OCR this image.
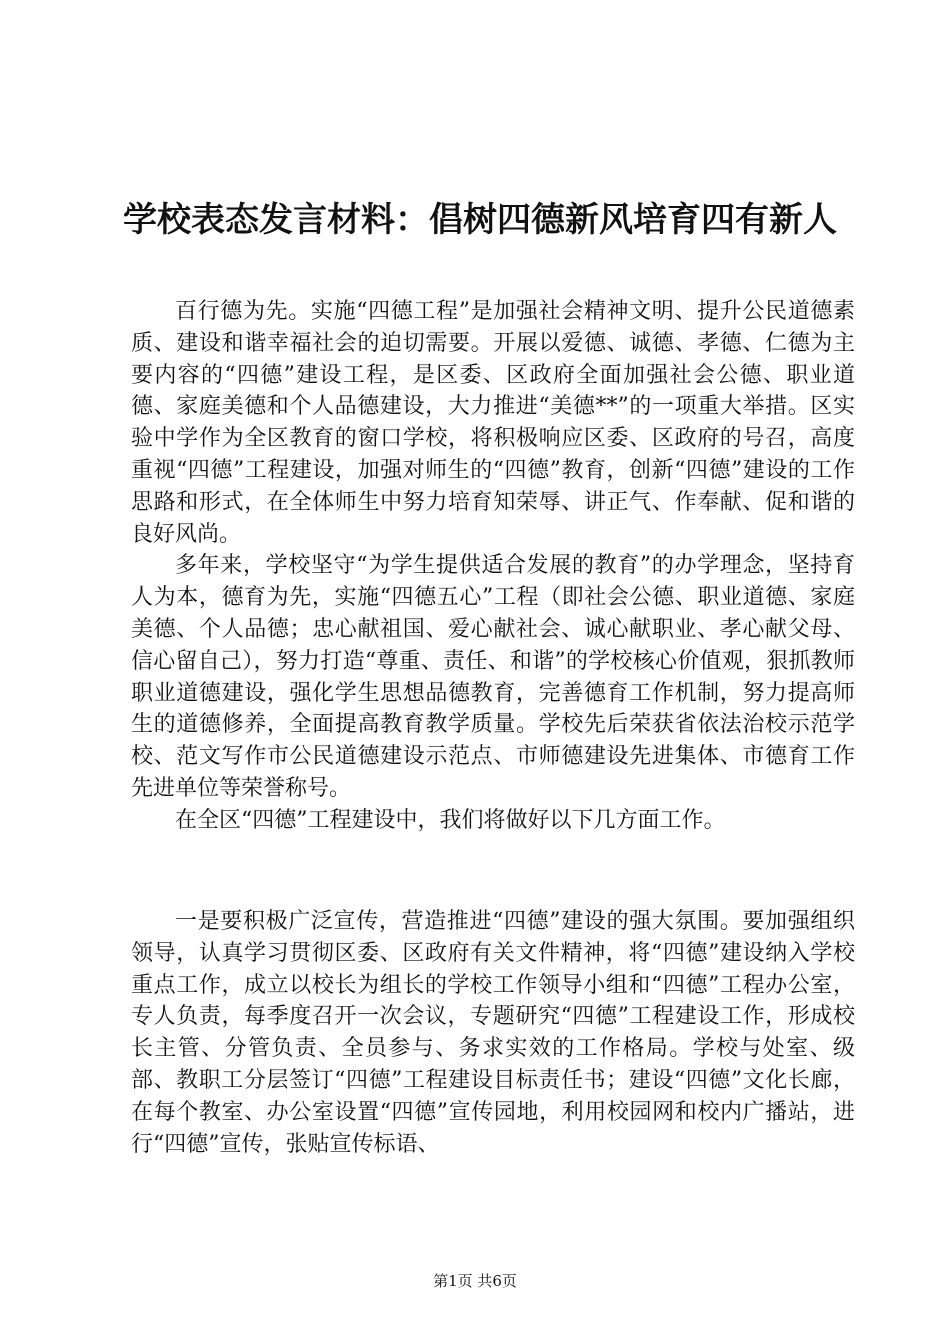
学校表态发言材料：倡树四德新风培育四有新人

百行德为先。实施“四德工程”是加强社会精神文明、提升公民道德素质、建设和谐幸福社会的迫切需要。开展以爱德、诚德、孝德、仁德为主要内容的“四德”建设工程，是区委、区政府全面加强社会公德、职业道德、家庭美德和个人品德建设，大力推进“美德**”的一项重大举措。区实验中学作为全区教育的窗口学校，将积极响应区委、区政府的号召，高度重视“四德”工程建设，加强对师生的“四德”教育，创新“四德”建设的工作思路和形式，在全体师生中努力培育知荣辱、讲正气、作奉献、促和谐的良好风尚。

多年来，学校坚守“为学生提供适合发展的教育”的办学理念，坚持育人为本，德育为先，实施“四德五心”工程（即社会公德、职业道德、家庭美德、个人品德；忠心献祖国、爱心献社会、诚心献职业、孝心献父母、信心留自己），努力打造“尊重、责任、和谐”的学校核心价值观，狠抓教师职业道德建设，强化学生思想品德教育，完善德育工作机制，努力提高师生的道德修养，全面提高教育教学质量。学校先后荣获省依法治校示范学校、范文写作市公民道德建设示范点、市师德建设先进集体、市德育工作先进单位等荣誉称号。

在全区“四德”工程建设中，我们将做好以下几方面工作。

一是要积极广泛宣传，营造推进“四德”建设的强大氛围。要加强组织领导，认真学习贯彻区委、区政府有关文件精神，将“四德”建设纳入学校重点工作，成立以校长为组长的学校工作领导小组和“四德”工程办公室，专人负责，每季度召开一次会议，专题研究“四德”工程建设工作，形成校长主管、分管负责、全员参与、务求实效的工作格局。学校与处室、级部、教职工分层签订“四德”工程建设目标责任书；建设“四德”文化长廊，在每个教室、办公室设置“四德”宣传园地，利用校园网和校内广播站，进行“四德”宣传，张贴宣传标语、

第1页 共6页
